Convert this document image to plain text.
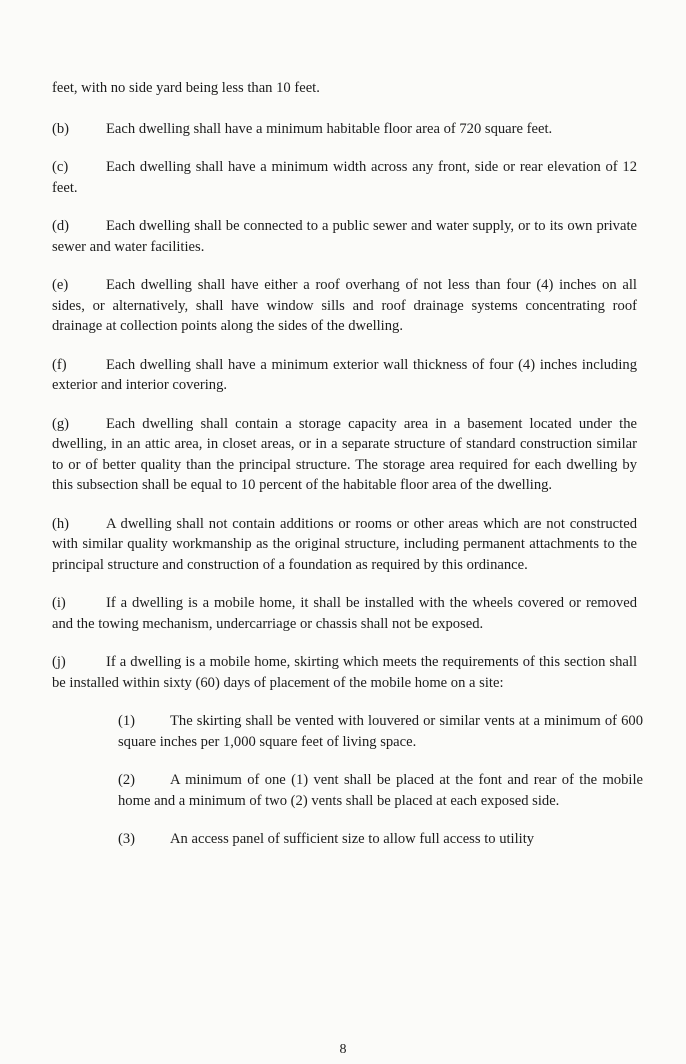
feet, with no side yard being less than 10 feet.

(b)	Each dwelling shall have a minimum habitable floor area of 720 square feet.

(c)	Each dwelling shall have a minimum width across any front, side or rear elevation of 12 feet.

(d)	Each dwelling shall be connected to a public sewer and water supply, or to its own private sewer and water facilities.

(e)	Each dwelling shall have either a roof overhang of not less than four (4) inches on all sides, or alternatively, shall have window sills and roof drainage systems concentrating roof drainage at collection points along the sides of the dwelling.

(f)	Each dwelling shall have a minimum exterior wall thickness of four (4) inches including exterior and interior covering.

(g)	Each dwelling shall contain a storage capacity area in a basement located under the dwelling, in an attic area, in closet areas, or in a separate structure of standard construction similar to or of better quality than the principal structure. The storage area required for each dwelling by this subsection shall be equal to 10 percent of the habitable floor area of the dwelling.

(h)	A dwelling shall not contain additions or rooms or other areas which are not constructed with similar quality workmanship as the original structure, including permanent attachments to the principal structure and construction of a foundation as required by this ordinance.

(i)	If a dwelling is a mobile home, it shall be installed with the wheels covered or removed and the towing mechanism, undercarriage or chassis shall not be exposed.

(j)	If a dwelling is a mobile home, skirting which meets the requirements of this section shall be installed within sixty (60) days of placement of the mobile home on a site:

(1) The skirting shall be vented with louvered or similar vents at a minimum of 600 square inches per 1,000 square feet of living space.

(2) A minimum of one (1) vent shall be placed at the font and rear of the mobile home and a minimum of two (2) vents shall be placed at each exposed side.

(3) An access panel of sufficient size to allow full access to utility

8
